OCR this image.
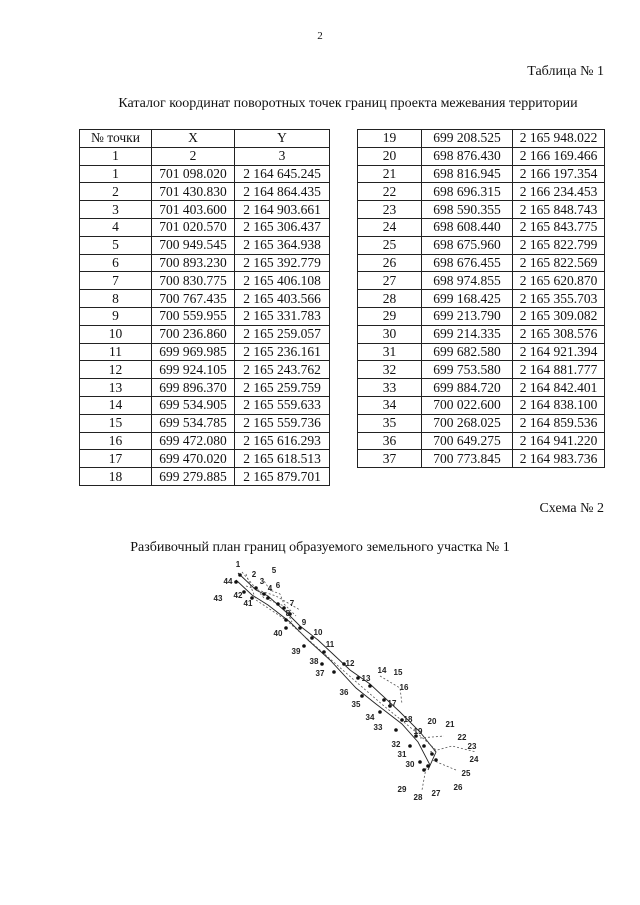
2
Таблица № 1
Каталог координат поворотных точек границ проекта межевания территории
№ точки	X	Y
1	2	3
1	701 098.020	2 164 645.245
2	701 430.830	2 164 864.435
3	701 403.600	2 164 903.661
4	701 020.570	2 165 306.437
5	700 949.545	2 165 364.938
6	700 893.230	2 165 392.779
7	700 830.775	2 165 406.108
8	700 767.435	2 165 403.566
9	700 559.955	2 165 331.783
10	700 236.860	2 165 259.057
11	699 969.985	2 165 236.161
12	699 924.105	2 165 243.762
13	699 896.370	2 165 259.759
14	699 534.905	2 165 559.633
15	699 534.785	2 165 559.736
16	699 472.080	2 165 616.293
17	699 470.020	2 165 618.513
18	699 279.885	2 165 879.701
19	699 208.525	2 165 948.022
20	698 876.430	2 166 169.466
21	698 816.945	2 166 197.354
22	698 696.315	2 166 234.453
23	698 590.355	2 165 848.743
24	698 608.440	2 165 843.775
25	698 675.960	2 165 822.799
26	698 676.455	2 165 822.569
27	698 974.855	2 165 620.870
28	699 168.425	2 165 355.703
29	699 213.790	2 165 309.082
30	699 214.335	2 165 308.576
31	699 682.580	2 164 921.394
32	699 753.580	2 164 881.777
33	699 884.720	2 164 842.401
34	700 022.600	2 164 838.100
35	700 268.025	2 164 859.536
36	700 649.275	2 164 941.220
37	700 773.845	2 164 983.736
Схема № 2
Разбивочный план границ образуемого земельного участка № 1
1
2
3
4
5
6
7
8
9
10
11
12
13
14 15
16
17
18
19
20 21
22
23
24
25
26
27
28
29
30
31
32
33
34
35
36
37
38
39
40
41
42
43
44
